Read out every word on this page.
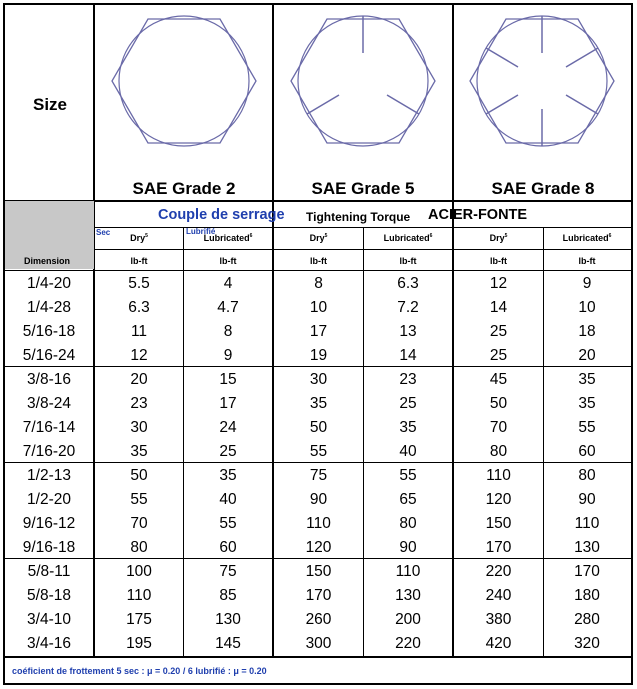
Size
SAE Grade 2	SAE Grade 5	SAE Grade 8
Dimension
Couple de serrage Tightening Torque ACIER-FONTE
Sec	Lubrifié
Dry$^5$	Lubricated$^6$	Dry$^5$	Lubricated$^6$	Dry$^5$	Lubricated$^6$
lb-ft	lb-ft	lb-ft	lb-ft	lb-ft	lb-ft
1/4-20	5.5	4	8	6.3	12	9
1/4-28	6.3	4.7	10	7.2	14	10
5/16-18	11	8	17	13	25	18
5/16-24	12	9	19	14	25	20
3/8-16	20	15	30	23	45	35
3/8-24	23	17	35	25	50	35
7/16-14	30	24	50	35	70	55
7/16-20	35	25	55	40	80	60
1/2-13	50	35	75	55	110	80
1/2-20	55	40	90	65	120	90
9/16-12	70	55	110	80	150	110
9/16-18	80	60	120	90	170	130
5/8-11	100	75	150	110	220	170
5/8-18	110	85	170	130	240	180
3/4-10	175	130	260	200	380	280
3/4-16	195	145	300	220	420	320
coéficient de frottement 5 sec : μ = 0.20 / 6 lubrifié : μ = 0.20
